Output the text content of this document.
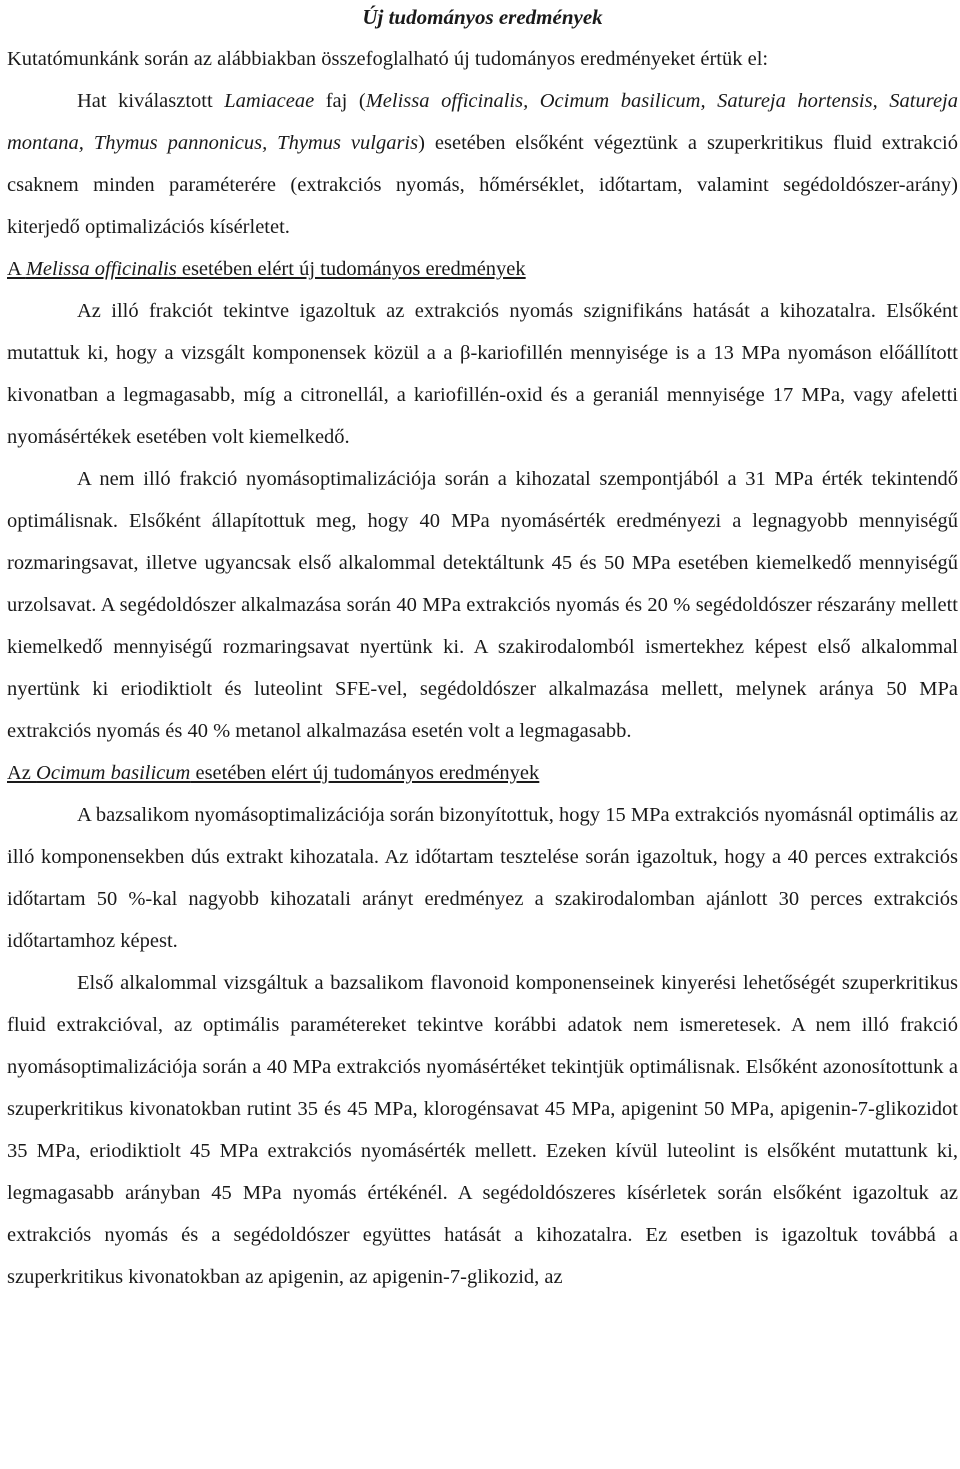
Új tudományos eredmények

Kutatómunkánk során az alábbiakban összefoglalható új tudományos eredményeket értük el:

Hat kiválasztott Lamiaceae faj (Melissa officinalis, Ocimum basilicum, Satureja hortensis, Satureja montana, Thymus pannonicus, Thymus vulgaris) esetében elsőként végeztünk a szuperkritikus fluid extrakció csaknem minden paraméterére (extrakciós nyomás, hőmérséklet, időtartam, valamint segédoldószer-arány) kiterjedő optimalizációs kísérletet.

A Melissa officinalis esetében elért új tudományos eredmények

Az illó frakciót tekintve igazoltuk az extrakciós nyomás szignifikáns hatását a kihozatalra. Elsőként mutattuk ki, hogy a vizsgált komponensek közül a a β-kariofillén mennyisége is a 13 MPa nyomáson előállított kivonatban a legmagasabb, míg a citronellál, a kariofillén-oxid és a geraniál mennyisége 17 MPa, vagy afeletti nyomásértékek esetében volt kiemelkedő.

A nem illó frakció nyomásoptimalizációja során a kihozatal szempontjából a 31 MPa érték tekintendő optimálisnak. Elsőként állapítottuk meg, hogy 40 MPa nyomásérték eredményezi a legnagyobb mennyiségű rozmaringsavat, illetve ugyancsak első alkalommal detektáltunk 45 és 50 MPa esetében kiemelkedő mennyiségű urzolsavat. A segédoldószer alkalmazása során 40 MPa extrakciós nyomás és 20 % segédoldószer részarány mellett kiemelkedő mennyiségű rozmaringsavat nyertünk ki. A szakirodalomból ismertekhez képest első alkalommal nyertünk ki eriodiktiolt és luteolint SFE-vel, segédoldószer alkalmazása mellett, melynek aránya 50 MPa extrakciós nyomás és 40 % metanol alkalmazása esetén volt a legmagasabb.

Az Ocimum basilicum esetében elért új tudományos eredmények

A bazsalikom nyomásoptimalizációja során bizonyítottuk, hogy 15 MPa extrakciós nyomásnál optimális az illó komponensekben dús extrakt kihozatala. Az időtartam tesztelése során igazoltuk, hogy a 40 perces extrakciós időtartam 50 %-kal nagyobb kihozatali arányt eredményez a szakirodalomban ajánlott 30 perces extrakciós időtartamhoz képest.

Első alkalommal vizsgáltuk a bazsalikom flavonoid komponenseinek kinyerési lehetőségét szuperkritikus fluid extrakcióval, az optimális paramétereket tekintve korábbi adatok nem ismeretesek. A nem illó frakció nyomásoptimalizációja során a 40 MPa extrakciós nyomásértéket tekintjük optimálisnak. Elsőként azonosítottunk a szuperkritikus kivonatokban rutint 35 és 45 MPa, klorogénsavat 45 MPa, apigenint 50 MPa, apigenin-7-glikozidot 35 MPa, eriodiktiolt 45 MPa extrakciós nyomásérték mellett. Ezeken kívül luteolint is elsőként mutattunk ki, legmagasabb arányban 45 MPa nyomás értékénél. A segédoldószeres kísérletek során elsőként igazoltuk az extrakciós nyomás és a segédoldószer együttes hatását a kihozatalra. Ez esetben is igazoltuk továbbá a szuperkritikus kivonatokban az apigenin, az apigenin-7-glikozid, az
